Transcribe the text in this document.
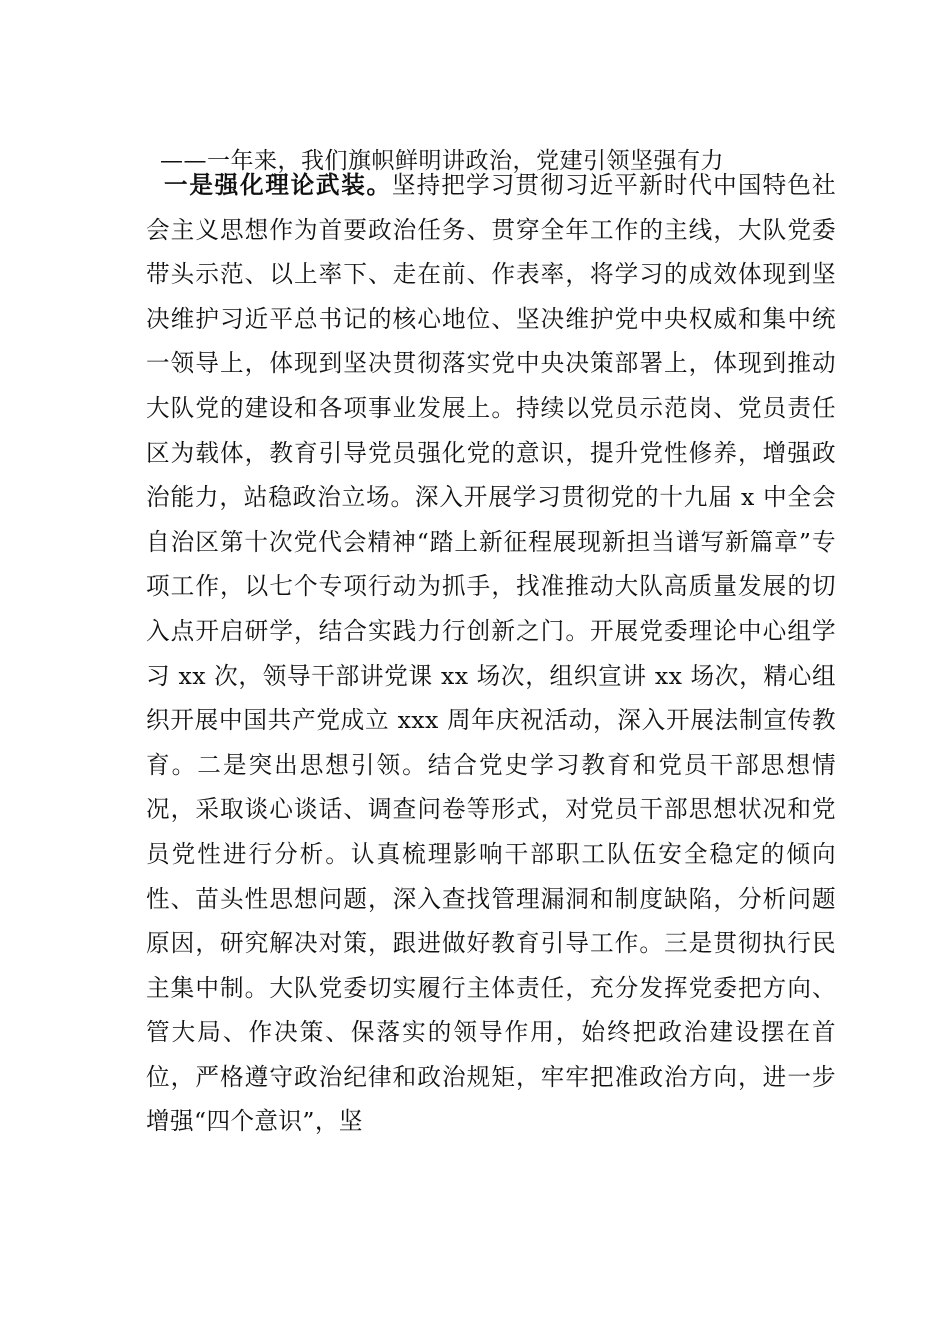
——一年来，我们旗帜鲜明讲政治，党建引领坚强有力

一是强化理论武装。坚持把学习贯彻习近平新时代中国特色社会主义思想作为首要政治任务、贯穿全年工作的主线，大队党委带头示范、以上率下、走在前、作表率，将学习的成效体现到坚决维护习近平总书记的核心地位、坚决维护党中央权威和集中统一领导上，体现到坚决贯彻落实党中央决策部署上，体现到推动大队党的建设和各项事业发展上。持续以党员示范岗、党员责任区为载体，教育引导党员强化党的意识，提升党性修养，增强政治能力，站稳政治立场。深入开展学习贯彻党的十九届 x 中全会自治区第十次党代会精神“踏上新征程展现新担当谱写新篇章”专项工作，以七个专项行动为抓手，找准推动大队高质量发展的切入点开启研学，结合实践力行创新之门。开展党委理论中心组学习 xx 次，领导干部讲党课 xx 场次，组织宣讲 xx 场次，精心组织开展中国共产党成立 xxx 周年庆祝活动，深入开展法制宣传教育。二是突出思想引领。结合党史学习教育和党员干部思想情况，采取谈心谈话、调查问卷等形式，对党员干部思想状况和党员党性进行分析。认真梳理影响干部职工队伍安全稳定的倾向性、苗头性思想问题，深入查找管理漏洞和制度缺陷，分析问题原因，研究解决对策，跟进做好教育引导工作。三是贯彻执行民主集中制。大队党委切实履行主体责任，充分发挥党委把方向、管大局、作决策、保落实的领导作用，始终把政治建设摆在首位，严格遵守政治纪律和政治规矩，牢牢把准政治方向，进一步增强“四个意识”，坚
